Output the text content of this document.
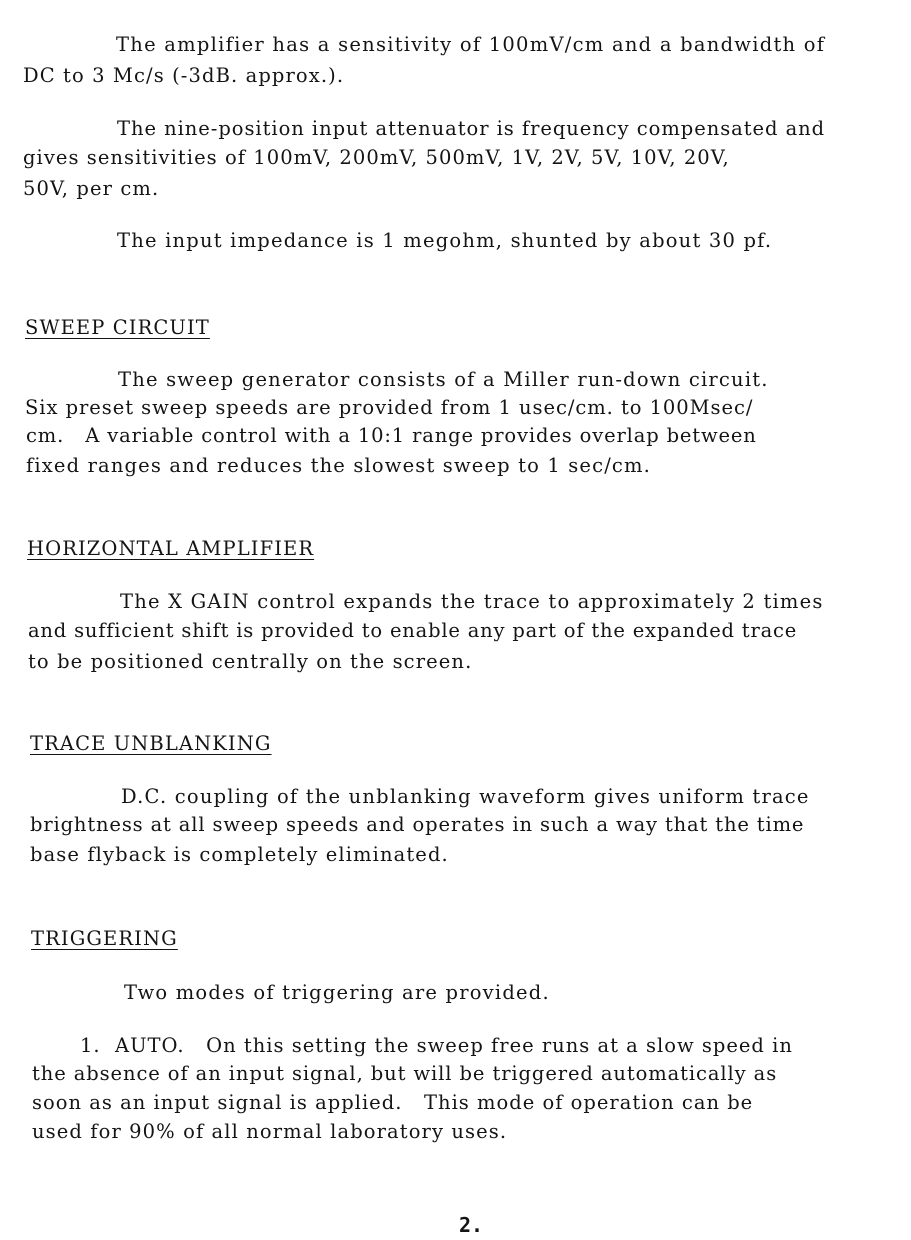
The amplifier has a sensitivity of 100mV/cm and a bandwidth of
DC to 3 Mc/s (-3dB. approx.).
The nine-position input attenuator is frequency compensated and
gives sensitivities of 100mV, 200mV, 500mV, 1V, 2V, 5V, 10V, 20V,
50V, per cm.
The input impedance is 1 megohm, shunted by about 30 pf.
SWEEP CIRCUIT
The sweep generator consists of a Miller run-down circuit.
Six preset sweep speeds are provided from 1 usec/cm. to 100Msec/
cm.   A variable control with a 10:1 range provides overlap between
fixed ranges and reduces the slowest sweep to 1 sec/cm.
HORIZONTAL AMPLIFIER
The X GAIN control expands the trace to approximately 2 times
and sufficient shift is provided to enable any part of the expanded trace
to be positioned centrally on the screen.
TRACE UNBLANKING
D.C. coupling of the unblanking waveform gives uniform trace
brightness at all sweep speeds and operates in such a way that the time
base flyback is completely eliminated.
TRIGGERING
Two modes of triggering are provided.
1.  AUTO.   On this setting the sweep free runs at a slow speed in
the absence of an input signal, but will be triggered automatically as
soon as an input signal is applied.   This mode of operation can be
used for 90% of all normal laboratory uses.
2.
